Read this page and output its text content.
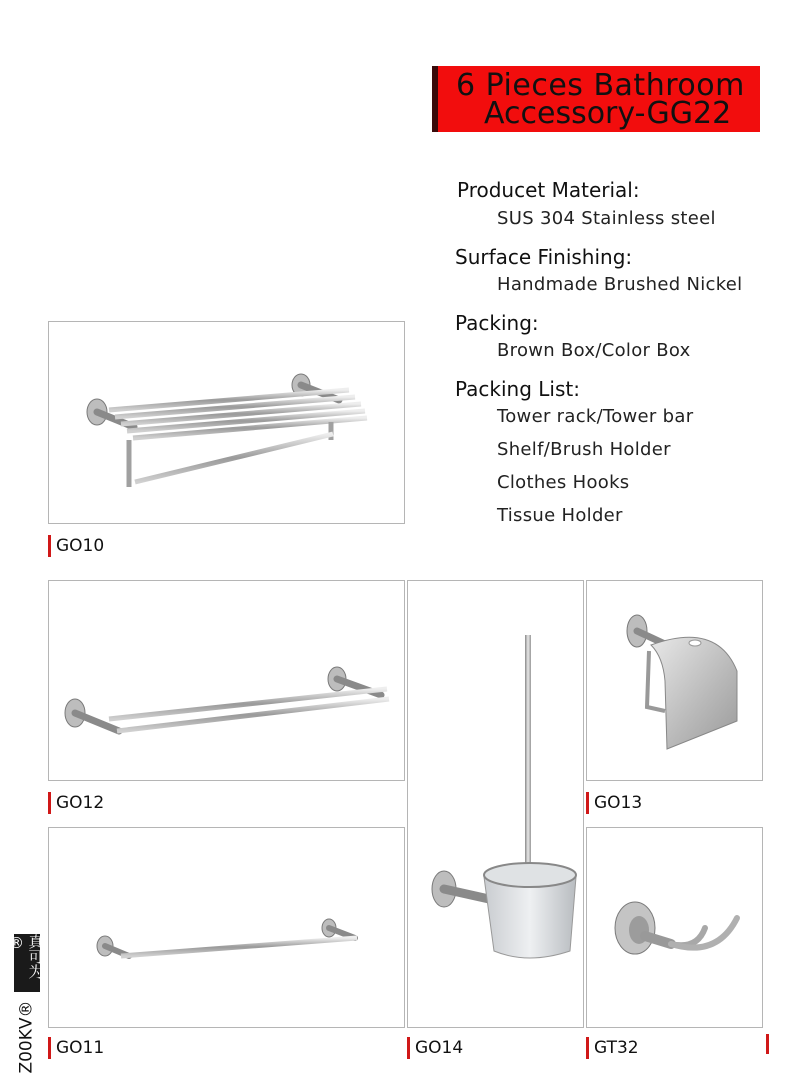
6 Pieces Bathroom
Accessory-GG22
Producet Material:
SUS 304 Stainless steel
Surface Finishing:
Handmade Brushed Nickel
Packing:
Brown Box/Color Box
Packing List:
Tower rack/Tower bar
Shelf/Brush Holder
Clothes Hooks
Tissue Holder
GO10
GO12
GO11	GO14
GO13
GT32
真可为®
Z00KV®
